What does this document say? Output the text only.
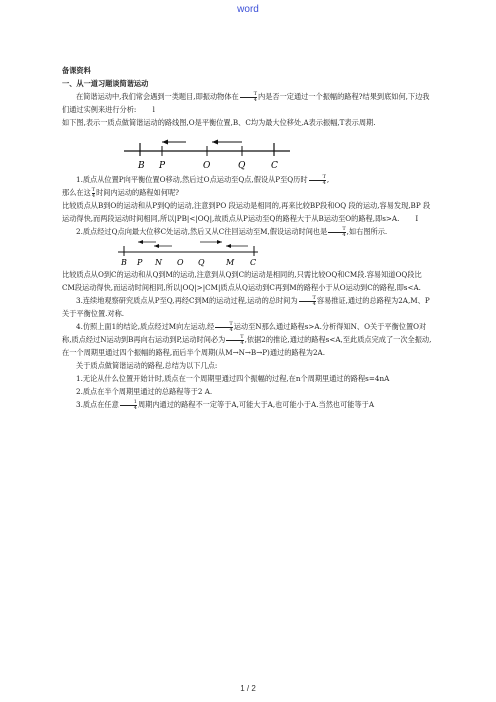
word

备课资料

一、从一道习题谈简谐运动

在简谐运动中,我们常会遇到一类题目,即振动物体在 $\frac{T}{4}$ 内是否一定通过一个振幅的路程?结果到底如何,下边我们通过实例来进行分析: l

如下图,表示一质点做简谐运动的路线图,O是平衡位置,B、C均为最大位移处,A表示振幅,T表示周期.

B P	O	Q	C

1.质点从位置P向平衡位置O移动,然后过O点运动至Q点,假设从P至Q历时 $\frac{T}{4}$ ,

那么在这 $\frac{T}{4}$ 时间内运动的路程如何呢?

比较质点从B到O的运动和从P到Q的运动,注意到PO 段运动是相同的,再来比较BP段和OQ 段的运动,容易发现,BP 段运动得快,而两段运动时间相同,所以|PB|<|OQ|,故质点从P运动至Q的路程大于从B运动至O的路程,即s>A. I

2.质点经过Q点向最大位移C处运动,然后又从C往回运动至M,假设运动时间也是 $\frac{T}{4}$ ,如右图所示.

B P N O Q	M C

比较质点从O到C的运动和从Q到M的运动,注意到从Q到C的运动是相同的,只需比较OQ和CM段.容易知道OQ段比CM段运动得快,而运动时间相同,所以|OQ|>|CM|质点从Q运动到C再到M的路程小于从O运动到C的路程,即s<A.

3.连续地观察研究质点从P至Q,再经C到M的运动过程,运动的总时间为 $\frac{T}{4}$ 容易推证,通过的总路程为2A,M、P关于平衡位置.对称.

4.仿照上面1的结论,质点经过M向左运动,经 $\frac{T}{4}$ 运动至N那么通过路程s>A.分析得知N、O关于平衡位置O对称,质点经过N运动到B再向右运动到P,运动时间必为 $\frac{T}{4}$ ,依据2的推论,通过的路程s<A,至此质点完成了一次全振动,在一个周期里通过四个振幅的路程,而后半个周期(从M→N→B→P)通过的路程为2A.

关于质点做简谐运动的路程,总结为以下几点:

1.无论从什么位置开始计时,质点在一个周期里通过四个振幅的过程,在n个周期里通过的路程s=4nA

2.质点在半个周期里通过的总路程等于2 A.

3.质点在任意 $\frac{1}{4}$ 周期内通过的路程不一定等于A,可能大于A,也可能小于A.当然也可能等于A

1 / 2
